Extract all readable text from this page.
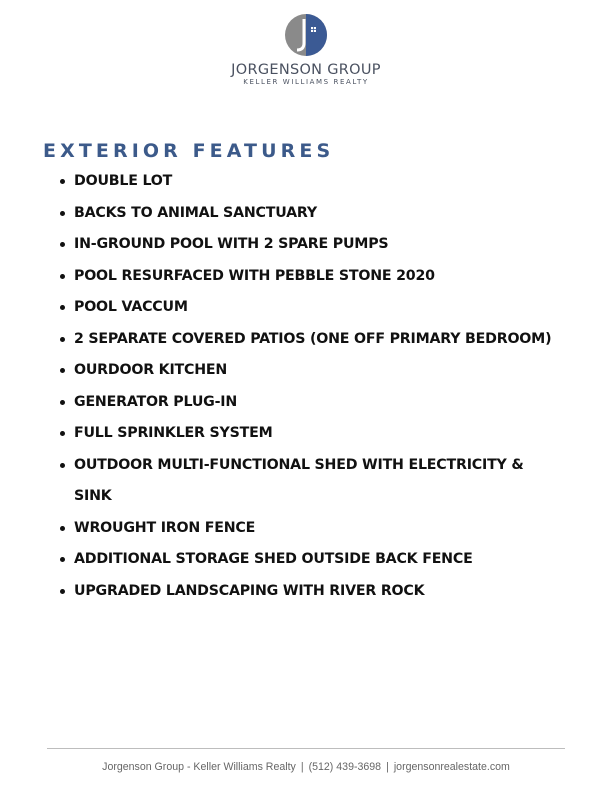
JORGENSON GROUP
KELLER WILLIAMS REALTY
EXTERIOR FEATURES
DOUBLE LOT
BACKS TO ANIMAL SANCTUARY
IN-GROUND POOL WITH 2 SPARE PUMPS
POOL RESURFACED WITH PEBBLE STONE 2020
POOL VACCUM
2 SEPARATE COVERED PATIOS (ONE OFF PRIMARY BEDROOM)
OURDOOR KITCHEN
GENERATOR PLUG-IN
FULL SPRINKLER SYSTEM
OUTDOOR MULTI-FUNCTIONAL SHED WITH ELECTRICITY & SINK
WROUGHT IRON FENCE
ADDITIONAL STORAGE SHED OUTSIDE BACK FENCE
UPGRADED LANDSCAPING WITH RIVER ROCK
Jorgenson Group - Keller Williams Realty | (512) 439-3698 | jorgensonrealestate.com
